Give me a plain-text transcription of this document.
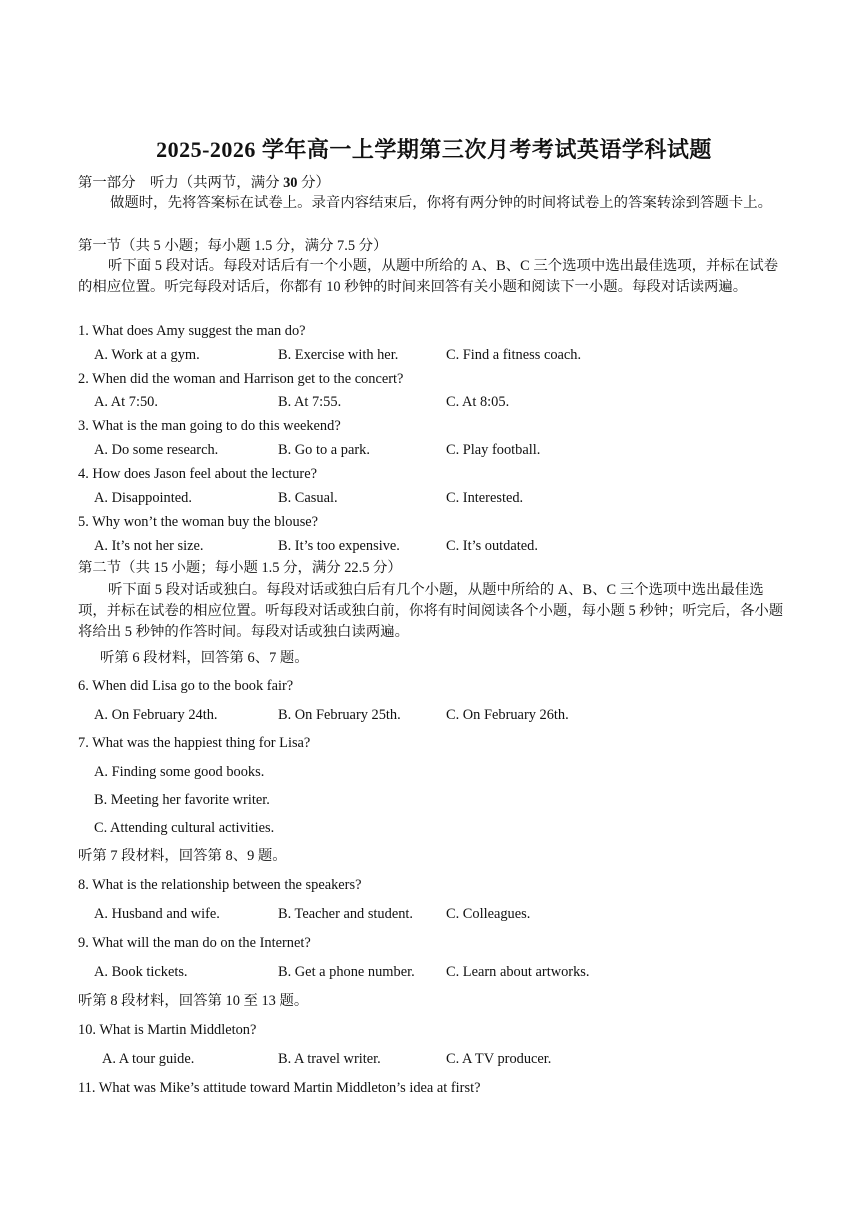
2025-2026 学年高一上学期第三次月考考试英语学科试题
第一部分　听力（共两节，满分 30 分）
做题时，先将答案标在试卷上。录音内容结束后，你将有两分钟的时间将试卷上的答案转涂到答题卡上。
第一节（共 5 小题；每小题 1.5 分，满分 7.5 分）
听下面 5 段对话。每段对话后有一个小题，从题中所给的 A、B、C 三个选项中选出最佳选项，并标在试卷的相应位置。听完每段对话后，你都有 10 秒钟的时间来回答有关小题和阅读下一小题。每段对话读两遍。
1. What does Amy suggest the man do?
A. Work at a gym.	B. Exercise with her.	C. Find a fitness coach.
2. When did the woman and Harrison get to the concert?
A. At 7:50.	B. At 7:55.	C. At 8:05.
3. What is the man going to do this weekend?
A. Do some research.	B. Go to a park.	C. Play football.
4. How does Jason feel about the lecture?
A. Disappointed.	B. Casual.	C. Interested.
5. Why won’t the woman buy the blouse?
A. It’s not her size.	B. It’s too expensive.	C. It’s outdated.
第二节（共 15 小题；每小题 1.5 分，满分 22.5 分）
听下面 5 段对话或独白。每段对话或独白后有几个小题，从题中所给的 A、B、C 三个选项中选出最佳选项，并标在试卷的相应位置。听每段对话或独白前，你将有时间阅读各个小题，每小题 5 秒钟；听完后，各小题将给出 5 秒钟的作答时间。每段对话或独白读两遍。
听第 6 段材料，回答第 6、7 题。
6. When did Lisa go to the book fair?
A. On February 24th.	B. On February 25th.	C. On February 26th.
7. What was the happiest thing for Lisa?
A. Finding some good books.
B. Meeting her favorite writer.
C. Attending cultural activities.
听第 7 段材料，回答第 8、9 题。
8. What is the relationship between the speakers?
A. Husband and wife.	B. Teacher and student. C. Colleagues.
9. What will the man do on the Internet?
A. Book tickets.	B. Get a phone number. C. Learn about artworks.
听第 8 段材料，回答第 10 至 13 题。
10. What is Martin Middleton?
A. A tour guide.	B. A travel writer.	C. A TV producer.
11. What was Mike’s attitude toward Martin Middleton’s idea at first?
